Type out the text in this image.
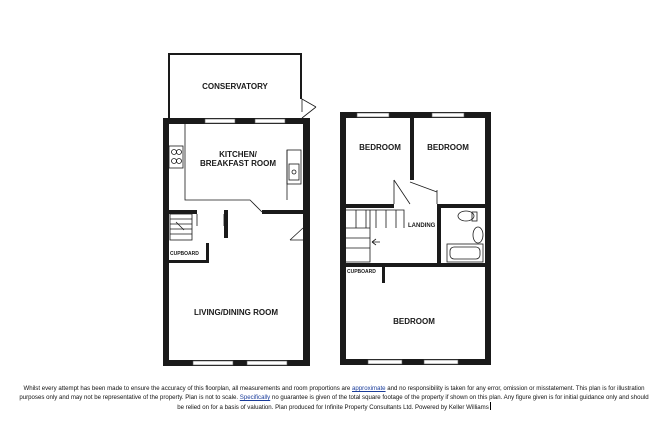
CONSERVATORY
KITCHEN/
BREAKFAST ROOM
CUPBOARD
LIVING/DINING ROOM
BEDROOM	BEDROOM
LANDING
CUPBOARD
BEDROOM
Whilst every attempt has been made to ensure the accuracy of this floorplan, all measurements and room proportions are approximate and no responsibility is taken for any error, omission or misstatement. This plan is for illustration purposes only and may not be representative of the property. Plan is not to scale. Specifically no guarantee is given of the total square footage of the property if shown on this plan. Any figure given is for initial guidance only and should be relied on for a basis of valuation. Plan produced for Infinite Property Consultants Ltd. Powered by Keller Williams
